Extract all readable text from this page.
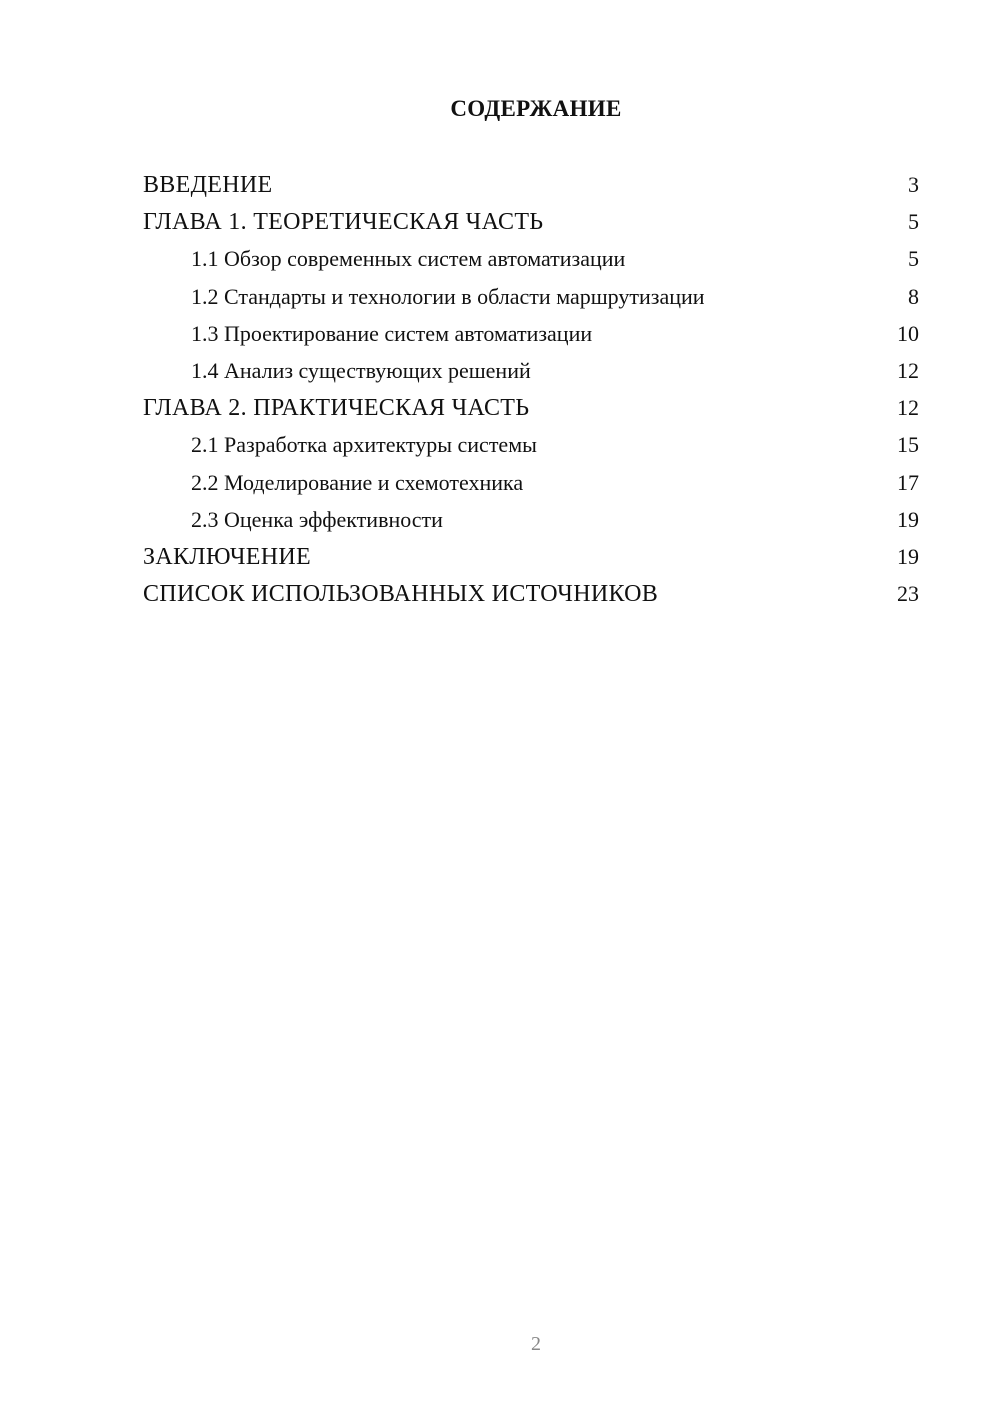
СОДЕРЖАНИЕ
ВВЕДЕНИЕ	3
ГЛАВА 1. ТЕОРЕТИЧЕСКАЯ ЧАСТЬ	5
1.1 Обзор современных систем автоматизации	5
1.2 Стандарты и технологии в области маршрутизации	8
1.3 Проектирование систем автоматизации	10
1.4 Анализ существующих решений	12
ГЛАВА 2. ПРАКТИЧЕСКАЯ ЧАСТЬ	12
2.1 Разработка архитектуры системы	15
2.2 Моделирование и схемотехника	17
2.3 Оценка эффективности	19
ЗАКЛЮЧЕНИЕ	19
СПИСОК ИСПОЛЬЗОВАННЫХ ИСТОЧНИКОВ	23
2
